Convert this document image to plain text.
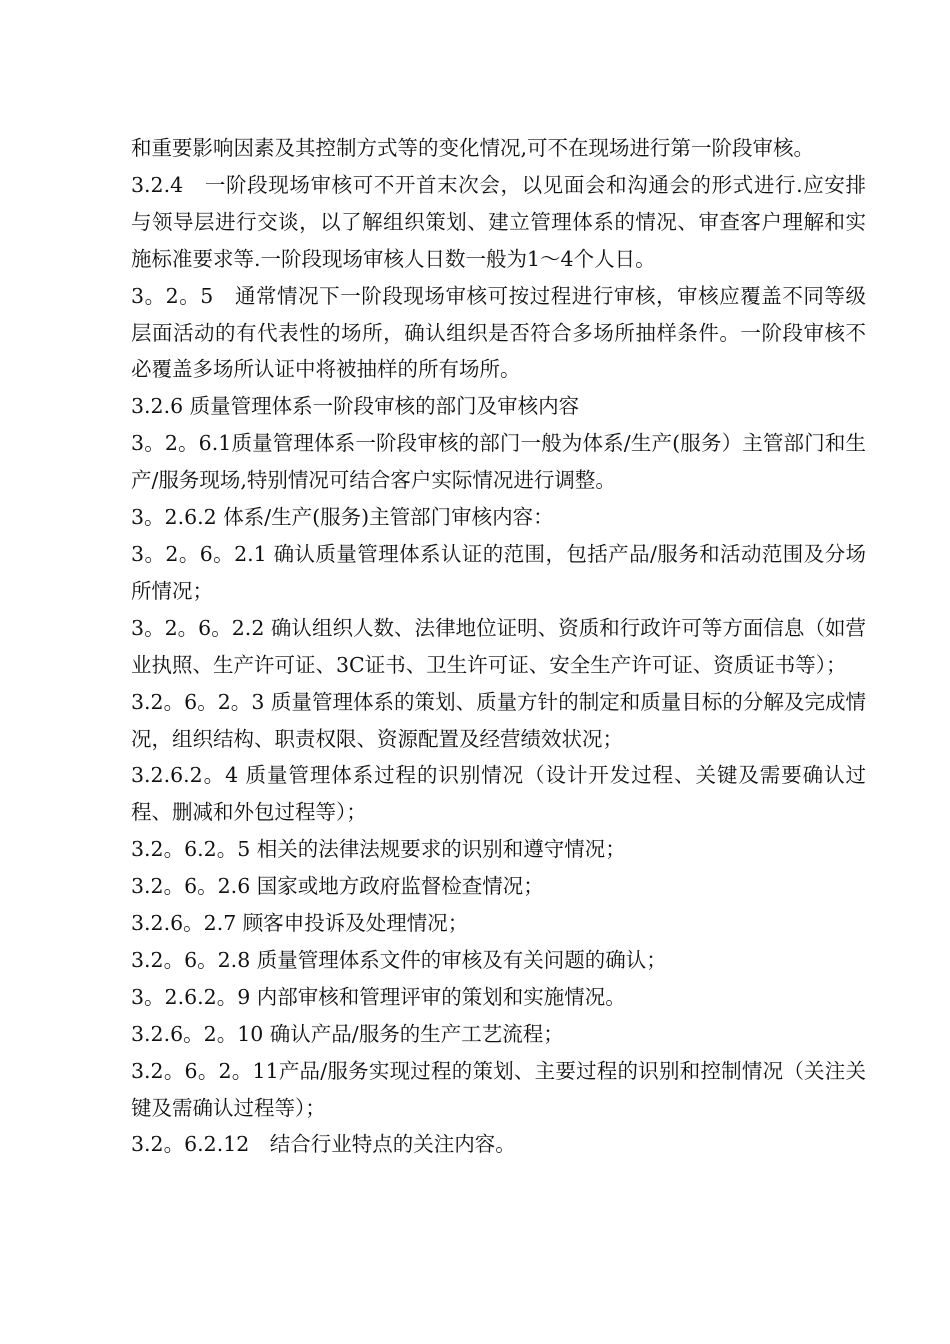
和重要影响因素及其控制方式等的变化情况,可不在现场进行第一阶段审核。

3.2.4　一阶段现场审核可不开首末次会，以见面会和沟通会的形式进行.应安排与领导层进行交谈，以了解组织策划、建立管理体系的情况、审查客户理解和实施标准要求等.一阶段现场审核人日数一般为1～4个人日。

3。2。5　通常情况下一阶段现场审核可按过程进行审核，审核应覆盖不同等级层面活动的有代表性的场所，确认组织是否符合多场所抽样条件。一阶段审核不必覆盖多场所认证中将被抽样的所有场所。

3.2.6 质量管理体系一阶段审核的部门及审核内容

3。2。6.1质量管理体系一阶段审核的部门一般为体系/生产(服务）主管部门和生产/服务现场,特别情况可结合客户实际情况进行调整。

3。2.6.2 体系/生产(服务)主管部门审核内容：

3。2。6。2.1 确认质量管理体系认证的范围，包括产品/服务和活动范围及分场所情况；

3。2。6。2.2 确认组织人数、法律地位证明、资质和行政许可等方面信息（如营业执照、生产许可证、3C证书、卫生许可证、安全生产许可证、资质证书等）；

3.2。6。2。3 质量管理体系的策划、质量方针的制定和质量目标的分解及完成情况，组织结构、职责权限、资源配置及经营绩效状况；

3.2.6.2。4 质量管理体系过程的识别情况（设计开发过程、关键及需要确认过程、删减和外包过程等）；

3.2。6.2。5 相关的法律法规要求的识别和遵守情况；

3.2。6。2.6 国家或地方政府监督检查情况；

3.2.6。2.7 顾客申投诉及处理情况；

3.2。6。2.8 质量管理体系文件的审核及有关问题的确认；

3。2.6.2。9 内部审核和管理评审的策划和实施情况。

3.2.6。2。10 确认产品/服务的生产工艺流程；

3.2。6。2。11产品/服务实现过程的策划、主要过程的识别和控制情况（关注关键及需确认过程等）；

3.2。6.2.12　结合行业特点的关注内容。
